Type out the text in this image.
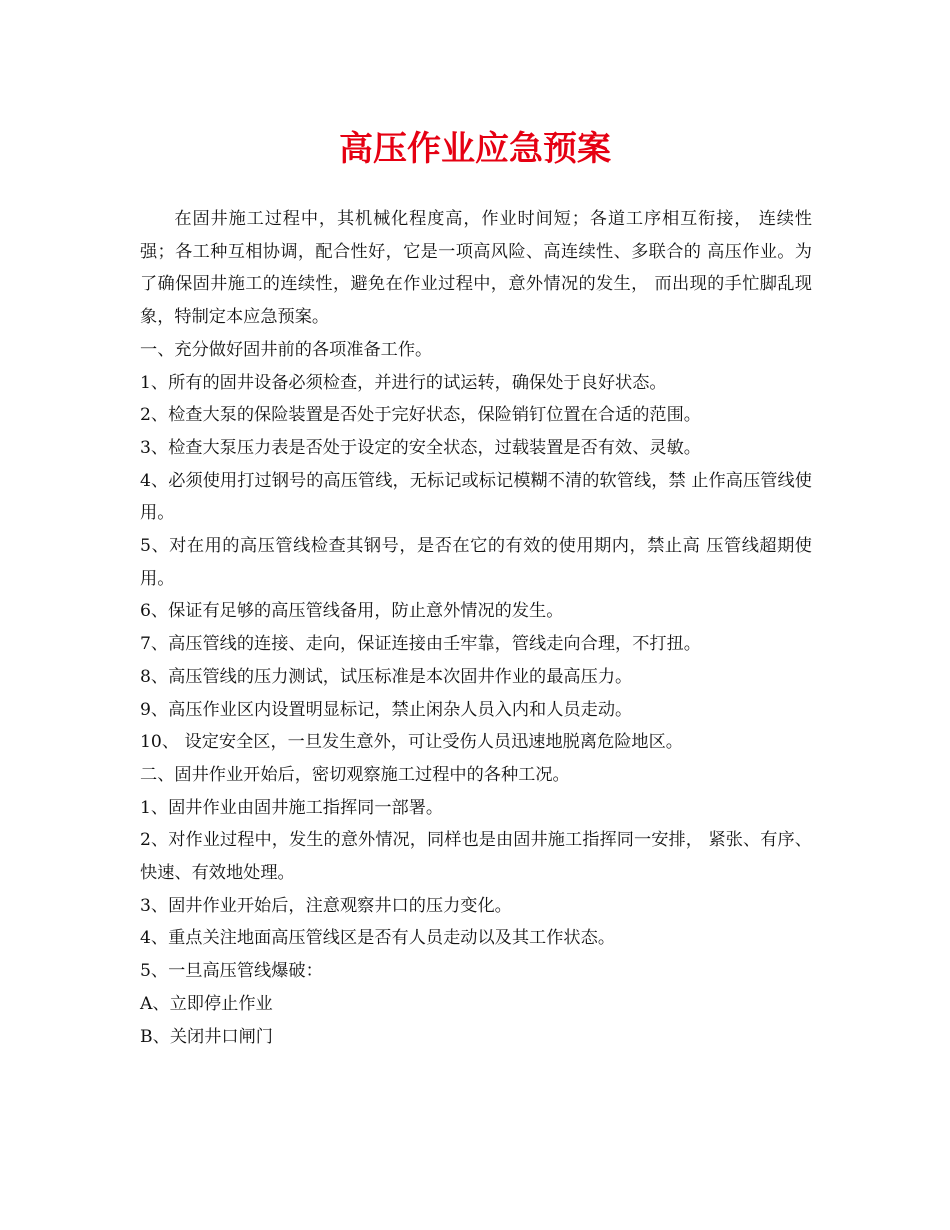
高压作业应急预案

在固井施工过程中，其机械化程度高，作业时间短；各道工序相互衔接， 连续性强；各工种互相协调，配合性好，它是一项高风险、高连续性、多联合的 高压作业。为了确保固井施工的连续性，避免在作业过程中，意外情况的发生， 而出现的手忙脚乱现象，特制定本应急预案。

一、充分做好固井前的各项准备工作。

1、所有的固井设备必须检查，并进行的试运转，确保处于良好状态。

2、检查大泵的保险装置是否处于完好状态，保险销钉位置在合适的范围。

3、检查大泵压力表是否处于设定的安全状态，过载装置是否有效、灵敏。

4、必须使用打过钢号的高压管线，无标记或标记模糊不清的软管线，禁 止作高压管线使用。

5、对在用的高压管线检查其钢号，是否在它的有效的使用期内，禁止高 压管线超期使用。

6、保证有足够的高压管线备用，防止意外情况的发生。

7、高压管线的连接、走向，保证连接由壬牢靠，管线走向合理，不打扭。

8、高压管线的压力测试，试压标准是本次固井作业的最高压力。

9、高压作业区内设置明显标记，禁止闲杂人员入内和人员走动。

10、 设定安全区，一旦发生意外，可让受伤人员迅速地脱离危险地区。

二、固井作业开始后，密切观察施工过程中的各种工况。

1、固井作业由固井施工指挥同一部署。

2、对作业过程中，发生的意外情况，同样也是由固井施工指挥同一安排， 紧张、有序、快速、有效地处理。

3、固井作业开始后，注意观察井口的压力变化。

4、重点关注地面高压管线区是否有人员走动以及其工作状态。

5、一旦高压管线爆破：

A、立即停止作业

B、关闭井口闸门
